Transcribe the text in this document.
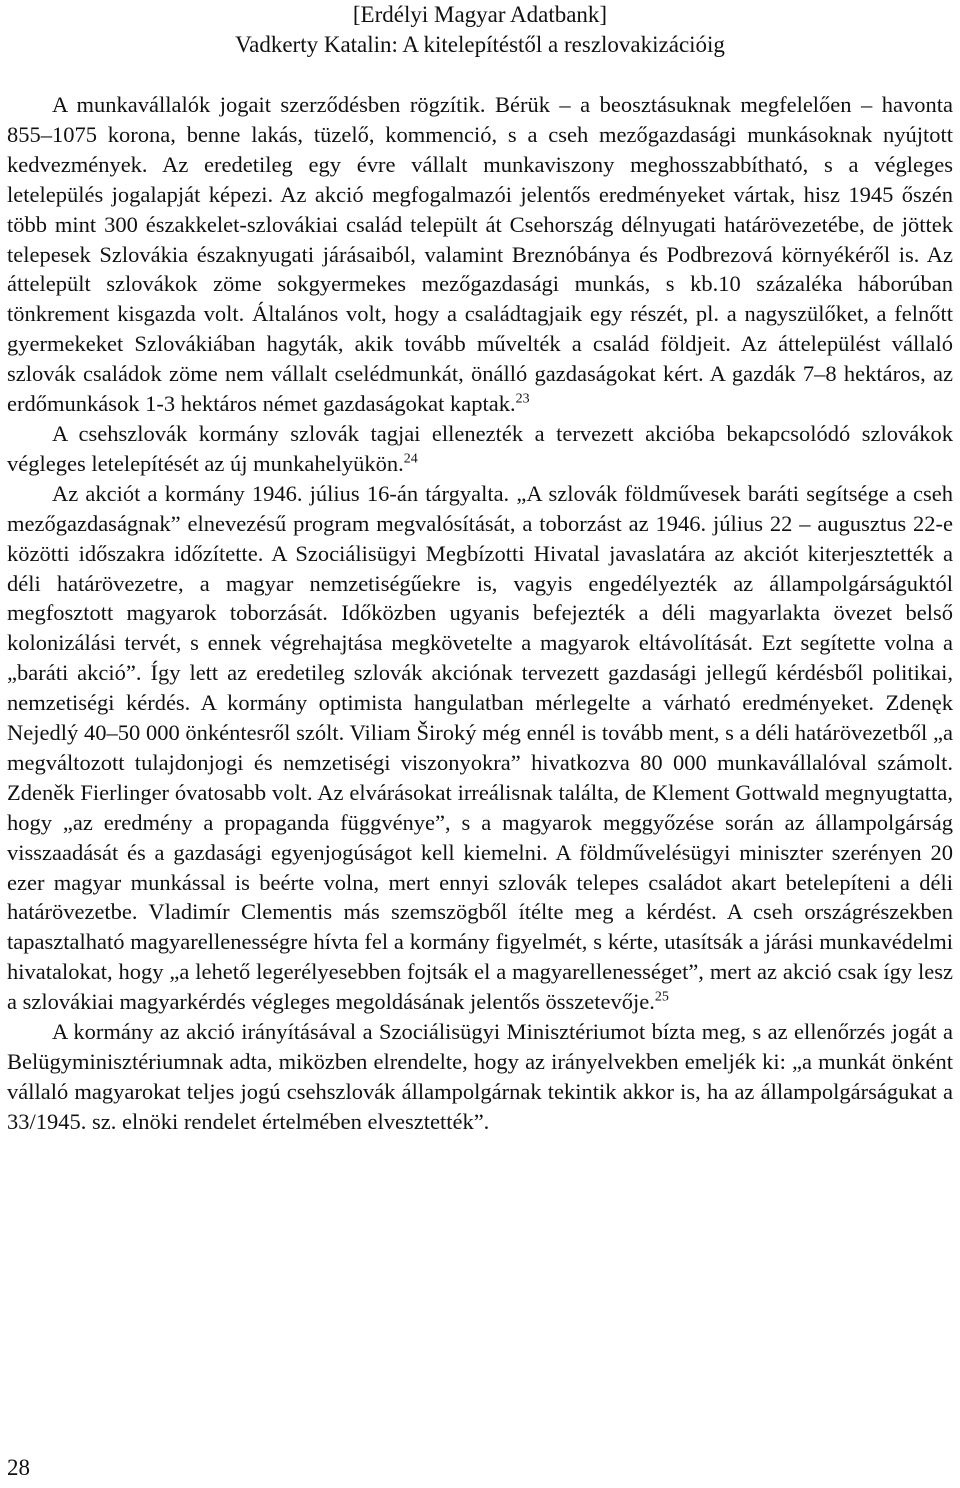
[Erdélyi Magyar Adatbank]
Vadkerty Katalin: A kitelepítéstől a reszlovakizációig

A munkavállalók jogait szerződésben rögzítik. Bérük – a beosztásuknak megfelelően – havonta 855–1075 korona, benne lakás, tüzelő, kommenció, s a cseh mezőgazdasági munkásoknak nyújtott kedvezmények. Az eredetileg egy évre vállalt munkaviszony meghosszabbítható, s a végleges letelepülés jogalapját képezi. Az akció megfogalmazói jelentős eredményeket vártak, hisz 1945 őszén több mint 300 északkelet-szlovákiai család települt át Csehország délnyugati határövezetébe, de jöttek telepesek Szlovákia északnyugati járásaiból, valamint Breznóbánya és Podbrezová környékéről is. Az áttelepült szlovákok zöme sokgyermekes mezőgazdasági munkás, s kb.10 százaléka háborúban tönkrement kisgazda volt. Általános volt, hogy a családtagjaik egy részét, pl. a nagyszülőket, a felnőtt gyermekeket Szlovákiában hagyták, akik tovább művelték a család földjeit. Az áttelepülést vállaló szlovák családok zöme nem vállalt cselédmunkát, önálló gazdaságokat kért. A gazdák 7–8 hektáros, az erdőmunkások 1-3 hektáros német gazdaságokat kaptak.$^{23}$

A csehszlovák kormány szlovák tagjai ellenezték a tervezett akcióba bekapcsolódó szlovákok végleges letelepítését az új munkahelyükön.$^{24}$

Az akciót a kormány 1946. július 16-án tárgyalta. „A szlovák földművesek baráti segítsége a cseh mezőgazdaságnak” elnevezésű program megvalósítását, a toborzást az 1946. július 22 – augusztus 22-e közötti időszakra időzítette. A Szociálisügyi Megbízotti Hivatal javaslatára az akciót kiterjesztették a déli határövezetre, a magyar nemzetiségűekre is, vagyis engedélyezték az állampolgárságuktól megfosztott magyarok toborzását. Időközben ugyanis befejezték a déli magyarlakta övezet belső kolonizálási tervét, s ennek végrehajtása megkövetelte a magyarok eltávolítását. Ezt segítette volna a „baráti akció”. Így lett az eredetileg szlovák akciónak tervezett gazdasági jellegű kérdésből politikai, nemzetiségi kérdés. A kormány optimista hangulatban mérlegelte a várható eredményeket. Zdenęk Nejedlý 40–50 000 önkéntesről szólt. Viliam Široký még ennél is tovább ment, s a déli határövezetből „a megváltozott tulajdonjogi és nemzetiségi viszonyokra” hivatkozva 80 000 munkavállalóval számolt. Zdeněk Fierlinger óvatosabb volt. Az elvárásokat irreálisnak találta, de Klement Gottwald megnyugtatta, hogy „az eredmény a propaganda függvénye”, s a magyarok meggyőzése során az állampolgárság visszaadását és a gazdasági egyenjogúságot kell kiemelni. A földművelésügyi miniszter szerényen 20 ezer magyar munkással is beérte volna, mert ennyi szlovák telepes családot akart betelepíteni a déli határövezetbe. Vladimír Clementis más szemszögből ítélte meg a kérdést. A cseh országrészekben tapasztalható magyarellenességre hívta fel a kormány figyelmét, s kérte, utasítsák a járási munkavédelmi hivatalokat, hogy „a lehető legerélyesebben fojtsák el a magyarellenességet”, mert az akció csak így lesz a szlovákiai magyarkérdés végleges megoldásának jelentős összetevője.$^{25}$

A kormány az akció irányításával a Szociálisügyi Minisztériumot bízta meg, s az ellenőrzés jogát a Belügyminisztériumnak adta, miközben elrendelte, hogy az irányelvekben emeljék ki: „a munkát önként vállaló magyarokat teljes jogú csehszlovák állampolgárnak tekintik akkor is, ha az állampolgárságukat a 33/1945. sz. elnöki rendelet értelmében elvesztették”.

28
